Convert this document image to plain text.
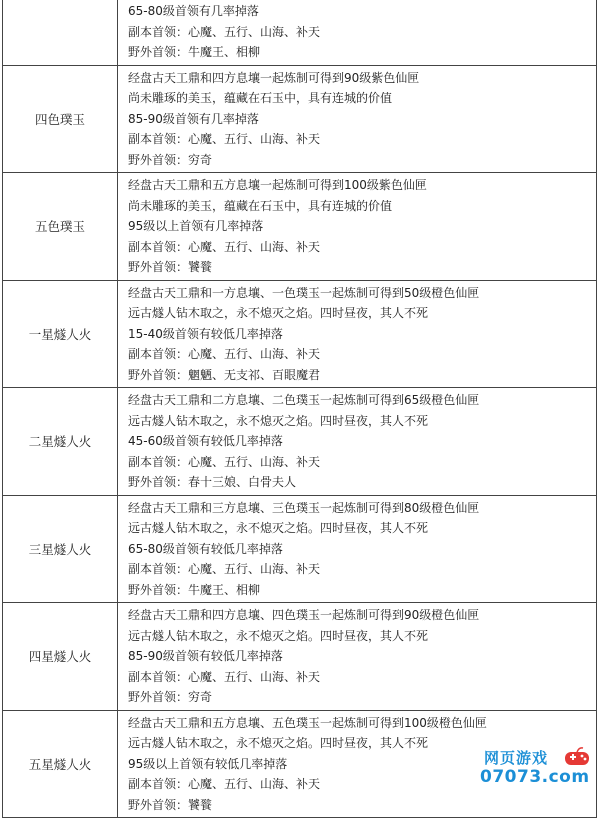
	65-80级首领有几率掉落
副本首领：心魔、五行、山海、补天
野外首领：牛魔王、相柳

四色璞玉	经盘古天工鼎和四方息壤一起炼制可得到90级紫色仙匣
尚未雕琢的美玉，蕴藏在石玉中，具有连城的价值
85-90级首领有几率掉落
副本首领：心魔、五行、山海、补天
野外首领：穷奇

五色璞玉	经盘古天工鼎和五方息壤一起炼制可得到100级紫色仙匣
尚未雕琢的美玉，蕴藏在石玉中，具有连城的价值
95级以上首领有几率掉落
副本首领：心魔、五行、山海、补天
野外首领：饕餮

一星燧人火	经盘古天工鼎和一方息壤、一色璞玉一起炼制可得到50级橙色仙匣
远古燧人钻木取之，永不熄灭之焰。四时昼夜，其人不死
15-40级首领有较低几率掉落
副本首领：心魔、五行、山海、补天
野外首领：魍魉、无支祁、百眼魔君

二星燧人火	经盘古天工鼎和二方息壤、二色璞玉一起炼制可得到65级橙色仙匣
远古燧人钻木取之，永不熄灭之焰。四时昼夜，其人不死
45-60级首领有较低几率掉落
副本首领：心魔、五行、山海、补天
野外首领：春十三娘、白骨夫人

三星燧人火	经盘古天工鼎和三方息壤、三色璞玉一起炼制可得到80级橙色仙匣
远古燧人钻木取之，永不熄灭之焰。四时昼夜，其人不死
65-80级首领有较低几率掉落
副本首领：心魔、五行、山海、补天
野外首领：牛魔王、相柳

四星燧人火	经盘古天工鼎和四方息壤、四色璞玉一起炼制可得到90级橙色仙匣
远古燧人钻木取之，永不熄灭之焰。四时昼夜，其人不死
85-90级首领有较低几率掉落
副本首领：心魔、五行、山海、补天
野外首领：穷奇

五星燧人火	经盘古天工鼎和五方息壤、五色璞玉一起炼制可得到100级橙色仙匣
远古燧人钻木取之，永不熄灭之焰。四时昼夜，其人不死
95级以上首领有较低几率掉落
副本首领：心魔、五行、山海、补天
野外首领：饕餮
网页游戏
07073.com
